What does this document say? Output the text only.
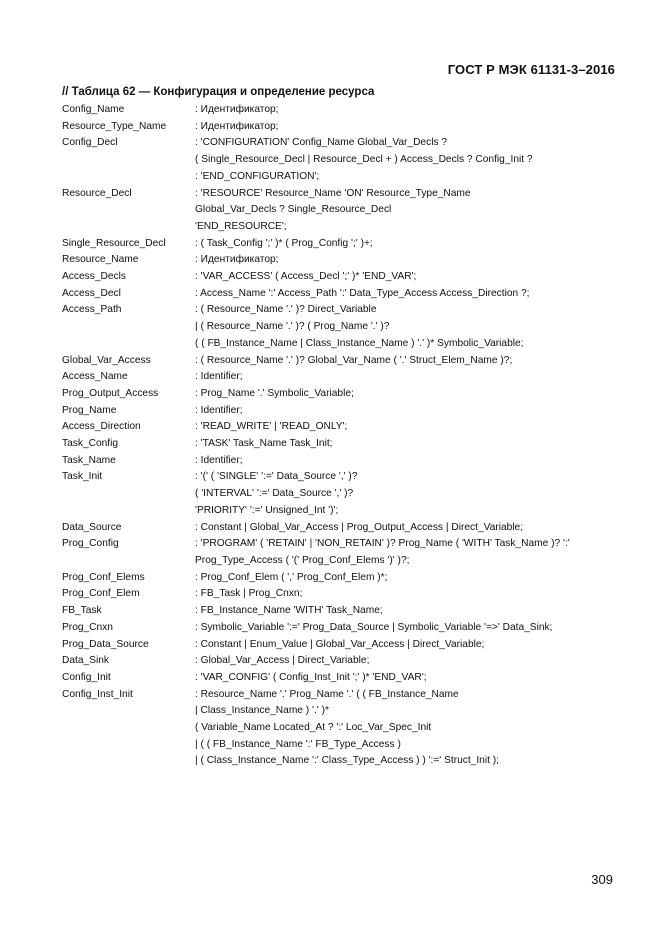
ГОСТ Р МЭК 61131-3–2016
// Таблица 62 — Конфигурация и определение ресурса
Config_Name	: Идентификатор;
Resource_Type_Name	: Идентификатор;
Config_Decl	: 'CONFIGURATION' Config_Name Global_Var_Decls ?
( Single_Resource_Decl | Resource_Decl + ) Access_Decls ? Config_Init ?
: 'END_CONFIGURATION';
Resource_Decl	: 'RESOURCE' Resource_Name 'ON' Resource_Type_Name
Global_Var_Decls ? Single_Resource_Decl
'END_RESOURCE';
Single_Resource_Decl	: ( Task_Config ';' )* ( Prog_Config ';' )+;
Resource_Name	: Идентификатор;
Access_Decls	: 'VAR_ACCESS' ( Access_Decl ';' )* 'END_VAR';
Access_Decl	: Access_Name ':' Access_Path ':' Data_Type_Access Access_Direction ?;
Access_Path	: ( Resource_Name '.' )? Direct_Variable
| ( Resource_Name '.' )? ( Prog_Name '.' )?
( ( FB_Instance_Name | Class_Instance_Name ) '.' )* Symbolic_Variable;
Global_Var_Access	: ( Resource_Name '.' )? Global_Var_Name ( '.' Struct_Elem_Name )?;
Access_Name	: Identifier;
Prog_Output_Access	: Prog_Name '.' Symbolic_Variable;
Prog_Name	: Identifier;
Access_Direction	: 'READ_WRITE' | 'READ_ONLY';
Task_Config	: 'TASK' Task_Name Task_Init;
Task_Name	: Identifier;
Task_Init	: '(' ( 'SINGLE' ':=' Data_Source ',' )?
( 'INTERVAL' ':=' Data_Source ',' )?
'PRIORITY' ':=' Unsigned_Int ')';
Data_Source	: Constant | Global_Var_Access | Prog_Output_Access | Direct_Variable;
Prog_Config	: 'PROGRAM' ( 'RETAIN' | 'NON_RETAIN' )? Prog_Name ( 'WITH' Task_Name )? ':'
Prog_Type_Access ( '(' Prog_Conf_Elems ')' )?;
Prog_Conf_Elems	: Prog_Conf_Elem ( ',' Prog_Conf_Elem )*;
Prog_Conf_Elem	: FB_Task | Prog_Cnxn;
FB_Task	: FB_Instance_Name 'WITH' Task_Name;
Prog_Cnxn	: Symbolic_Variable ':=' Prog_Data_Source | Symbolic_Variable '=>' Data_Sink;
Prog_Data_Source	: Constant | Enum_Value | Global_Var_Access | Direct_Variable;
Data_Sink	: Global_Var_Access | Direct_Variable;
Config_Init	: 'VAR_CONFIG' ( Config_Inst_Init ';' )* 'END_VAR';
Config_Inst_Init	: Resource_Name '.' Prog_Name '.' ( ( FB_Instance_Name
| Class_Instance_Name ) '.' )*
( Variable_Name Located_At ? ':' Loc_Var_Spec_Init
| ( ( FB_Instance_Name ':' FB_Type_Access )
| ( Class_Instance_Name ':' Class_Type_Access ) ) ':=' Struct_Init );
309
